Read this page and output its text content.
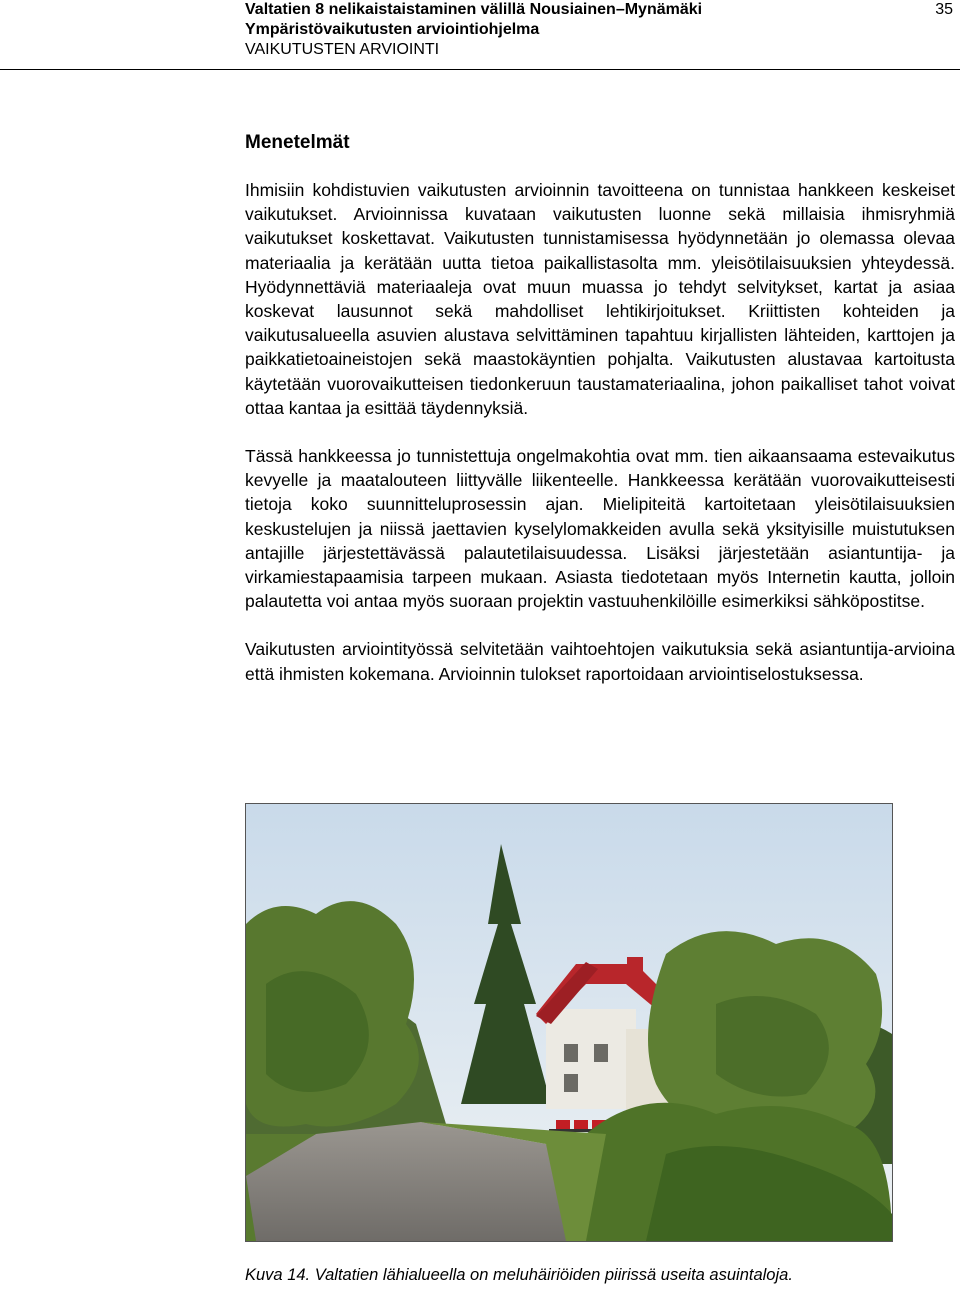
Valtatien 8 nelikaistaistaminen välillä Nousiainen–Mynämäki
Ympäristövaikutusten arviointiohjelma
VAIKUTUSTEN ARVIOINTI
35
Menetelmät

Ihmisiin kohdistuvien vaikutusten arvioinnin tavoitteena on tunnistaa hankkeen keskeiset vaikutukset. Arvioinnissa kuvataan vaikutusten luonne sekä millaisia ihmisryhmiä vaikutukset koskettavat. Vaikutusten tunnistamisessa hyödynnetään jo olemassa olevaa materiaalia ja kerätään uutta tietoa paikallistasolta mm. yleisötilaisuuksien yhteydessä. Hyödynnettäviä materiaaleja ovat muun muassa jo tehdyt selvitykset, kartat ja asiaa koskevat lausunnot sekä mahdolliset lehtikirjoitukset. Kriittisten kohteiden ja vaikutusalueella asuvien alustava selvittäminen tapahtuu kirjallisten lähteiden, karttojen ja paikkatietoaineistojen sekä maastokäyntien pohjalta. Vaikutusten alustavaa kartoitusta käytetään vuorovaikutteisen tiedonkeruun taustamateriaalina, johon paikalliset tahot voivat ottaa kantaa ja esittää täydennyksiä.

Tässä hankkeessa jo tunnistettuja ongelmakohtia ovat mm. tien aikaansaama estevaikutus kevyelle ja maatalouteen liittyvälle liikenteelle. Hankkeessa kerätään vuorovaikutteisesti tietoja koko suunnitteluprosessin ajan. Mielipiteitä kartoitetaan yleisötilaisuuksien keskustelujen ja niissä jaettavien kyselylomakkeiden avulla sekä yksityisille muistutuksen antajille järjestettävässä palautetilaisuudessa. Lisäksi järjestetään asiantuntija- ja virkamiestapaamisia tarpeen mukaan. Asiasta tiedotetaan myös Internetin kautta, jolloin palautetta voi antaa myös suoraan projektin vastuuhenkilöille esimerkiksi sähköpostitse.

Vaikutusten arviointityössä selvitetään vaihtoehtojen vaikutuksia sekä asiantuntija-arvioina että ihmisten kokemana. Arvioinnin tulokset raportoidaan arviointiselostuksessa.

Kuva 14. Valtatien lähialueella on meluhäiriöiden piirissä useita asuintaloja.
